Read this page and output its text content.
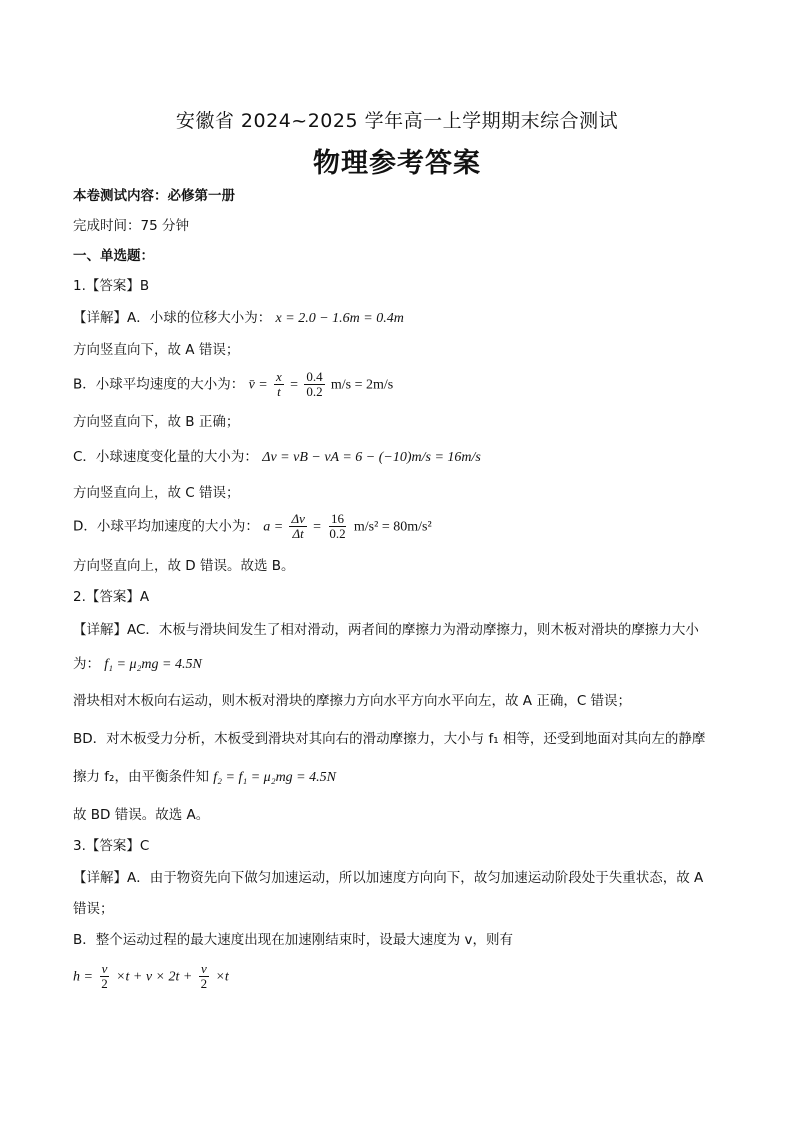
安徽省 2024~2025 学年高一上学期期末综合测试
物理参考答案
本卷测试内容：必修第一册
完成时间：75 分钟
一、单选题：
1.【答案】B
【详解】A．小球的位移大小为： x = 2.0 − 1.6m = 0.4m
方向竖直向下，故 A 错误；
B．小球平均速度的大小为： v̄ = $\frac{x}{t} = \frac{0.4}{0.2} m/s = 2m/s$
方向竖直向下，故 B 正确；
C．小球速度变化量的大小为： Δv = vB − vA = 6 − (−10)m/s = 16m/s
方向竖直向上，故 C 错误；
D．小球平均加速度的大小为： $a = \frac{\Delta v}{\Delta t} = \frac{16}{0.2} m/s^2 = 80m/s^2$
方向竖直向上，故 D 错误。故选 B。
2.【答案】A
【详解】AC．木板与滑块间发生了相对滑动，两者间的摩擦力为滑动摩擦力，则木板对滑块的摩擦力大小
为： f₁ = μ₂mg = 4.5N
滑块相对木板向右运动，则木板对滑块的摩擦力方向水平方向水平向左，故 A 正确，C 错误；
BD．对木板受力分析，木板受到滑块对其向右的滑动摩擦力，大小与 f₁ 相等，还受到地面对其向左的静摩
擦力 f₂，由平衡条件知 f₂ = f₁ = μ₂mg = 4.5N
故 BD 错误。故选 A。
3.【答案】C
【详解】A．由于物资先向下做匀加速运动，所以加速度方向向下，故匀加速运动阶段处于失重状态，故 A
错误；
B．整个运动过程的最大速度出现在加速刚结束时，设最大速度为 v，则有
$h = \frac{v}{2} \times t + v \times 2t + \frac{v}{2} \times t$
